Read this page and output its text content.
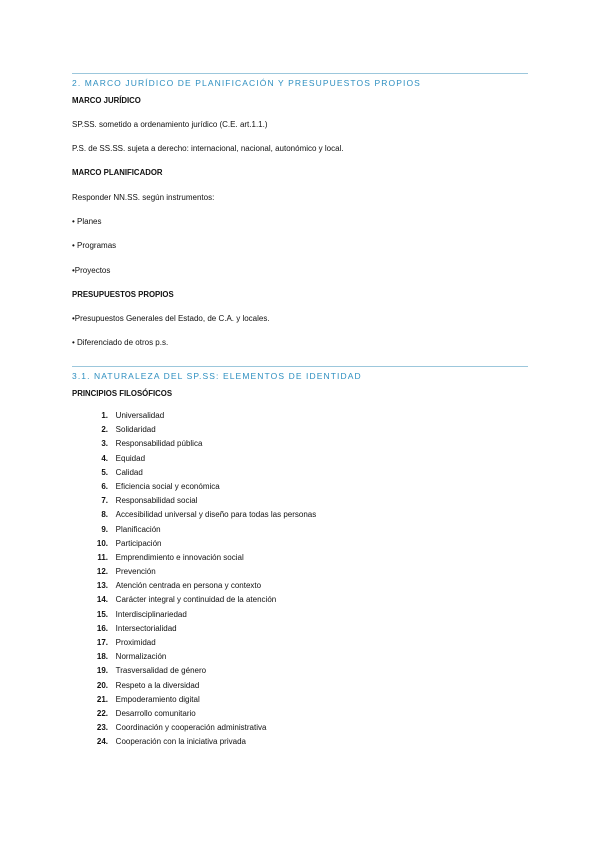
2. MARCO JURÍDICO DE PLANIFICACIÓN Y PRESUPUESTOS PROPIOS
MARCO JURÍDICO
SP.SS. sometido a ordenamiento jurídico (C.E. art.1.1.)
P.S. de SS.SS. sujeta a derecho: internacional, nacional, autonómico y local.
MARCO PLANIFICADOR
Responder NN.SS. según instrumentos:
• Planes
• Programas
•Proyectos
PRESUPUESTOS PROPIOS
•Presupuestos Generales del Estado, de C.A. y locales.
• Diferenciado de otros p.s.
3.1. NATURALEZA DEL SP.SS: ELEMENTOS DE IDENTIDAD
PRINCIPIOS FILOSÓFICOS
1.
Universalidad
2.
Solidaridad
3.
Responsabilidad pública
4.
Equidad
5.
Calidad
6.
Eficiencia social y económica
7.
Responsabilidad social
8.
Accesibilidad universal y diseño para todas las personas
9.
Planificación
10.
Participación
11.
Emprendimiento e innovación social
12.
Prevención
13.
Atención centrada en persona y contexto
14.
Carácter integral y continuidad de la atención
15.
Interdisciplinariedad
16.
Intersectorialidad
17.
Proximidad
18.
Normalización
19.
Trasversalidad de género
20.
Respeto a la diversidad
21.
Empoderamiento digital
22.
Desarrollo comunitario
23.
Coordinación y cooperación administrativa
24.
Cooperación con la iniciativa privada
